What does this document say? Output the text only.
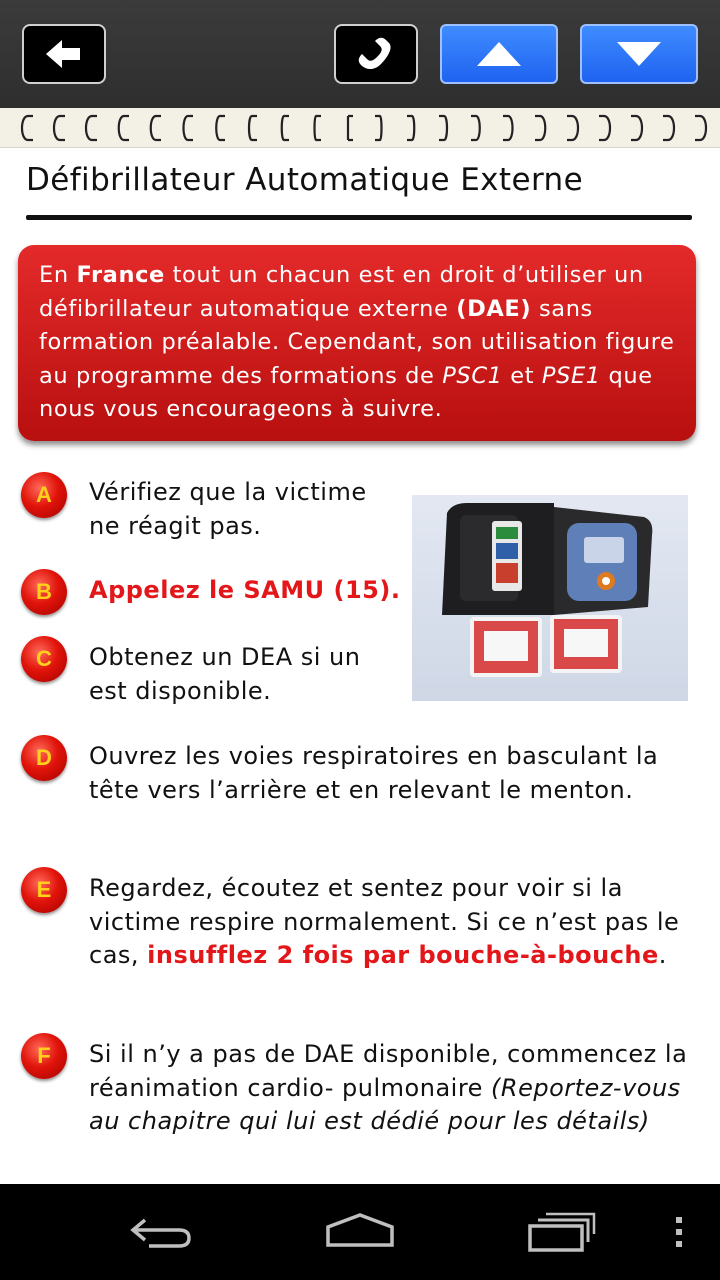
Défibrillateur Automatique Externe
En France tout un chacun est en droit d’utiliser un défibrillateur automatique externe (DAE) sans formation préalable. Cependant, son utilisation figure au programme des formations de PSC1 et PSE1 que nous vous encourageons à suivre.
A	Vérifiez que la victime
ne réagit pas.
B	Appelez le SAMU (15).
C	Obtenez un DEA si un
est disponible.
D	Ouvrez les voies respiratoires en basculant la tête vers l’arrière et en relevant le menton.
E	Regardez, écoutez et sentez pour voir si la victime respire normalement. Si ce n’est pas le cas, insufflez 2 fois par bouche-à-bouche.
F	Si il n’y a pas de DAE disponible, commencez la réanimation cardio- pulmonaire (Reportez-vous au chapitre qui lui est dédié pour les détails)
